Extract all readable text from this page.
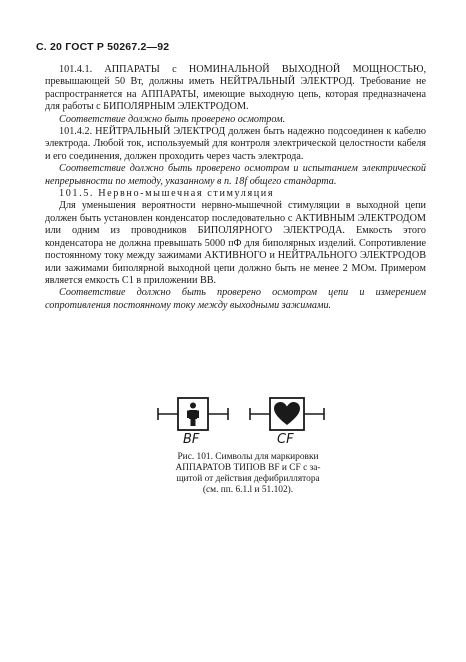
С. 20 ГОСТ Р 50267.2—92

101.4.1. АППАРАТЫ с НОМИНАЛЬНОЙ ВЫХОДНОЙ МОЩНОСТЬЮ, превышающей 50 Вт, должны иметь НЕЙТРАЛЬНЫЙ ЭЛЕКТРОД. Требование не распространяется на АППАРАТЫ, имеющие выходную цепь, которая предназначена для работы с БИПОЛЯРНЫМ ЭЛЕКТРОДОМ.

Соответствие должно быть проверено осмотром.

101.4.2. НЕЙТРАЛЬНЫЙ ЭЛЕКТРОД должен быть надежно подсоединен к кабелю электрода. Любой ток, используемый для контроля электрической целостности кабеля и его соединения, должен проходить через часть электрода.

Соответствие должно быть проверено осмотром и испытанием электрической непрерывности по методу, указанному в п. 18f общего стандарта.

101.5. Нервно-мышечная стимуляция

Для уменьшения вероятности нервно-мышечной стимуляции в выходной цепи должен быть установлен конденсатор последовательно с АКТИВНЫМ ЭЛЕКТРОДОМ или одним из проводников БИПОЛЯРНОГО ЭЛЕКТРОДА. Емкость этого конденсатора не должна превышать 5000 пФ для биполярных изделий. Сопротивление постоянному току между зажимами АКТИВНОГО и НЕЙТРАЛЬНОГО ЭЛЕКТРОДОВ или зажимами биполярной выходной цепи должно быть не менее 2 МОм. Примером является емкость C1 в приложении ВВ.

Соответствие должно быть проверено осмотром цепи и измерением сопротивления постоянному току между выходными зажимами.

BF	CF
Рис. 101. Символы для маркировки
АППАРАТОВ ТИПОВ BF и CF с за-
щитой от действия дефибриллятора
(см. пп. 6.1.l и 51.102).
